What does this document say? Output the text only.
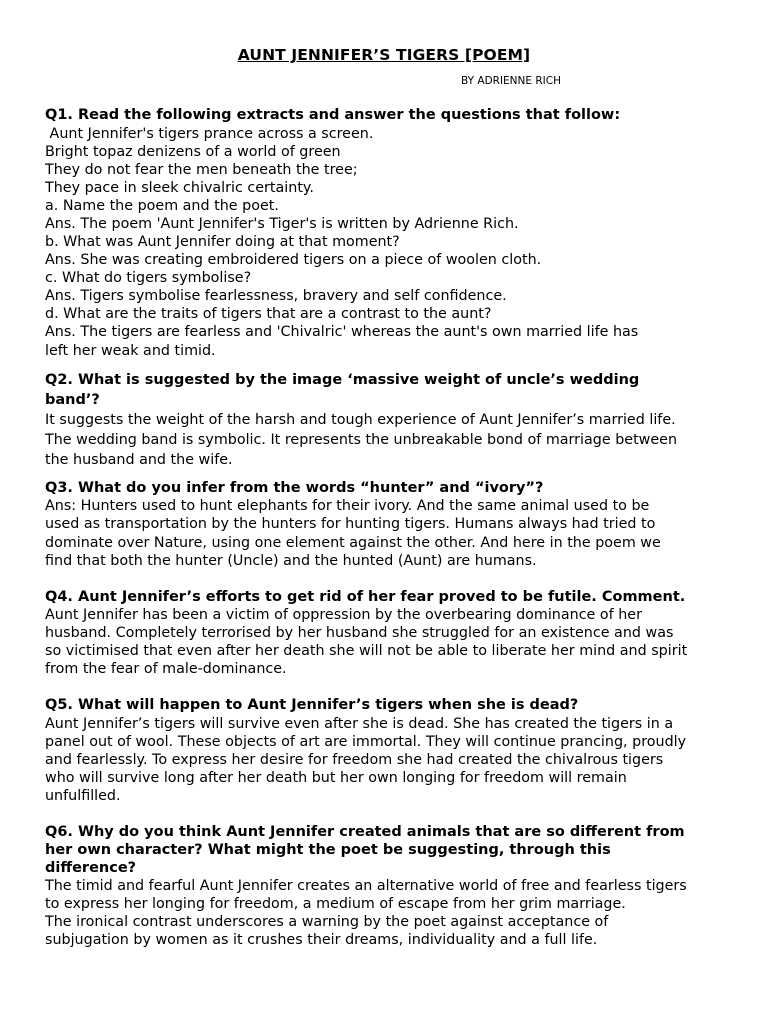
AUNT JENNIFER’S TIGERS [POEM]
BY ADRIENNE RICH
Q1. Read the following extracts and answer the questions that follow:
Aunt Jennifer's tigers prance across a screen.
Bright topaz denizens of a world of green
They do not fear the men beneath the tree;
They pace in sleek chivalric certainty.
a. Name the poem and the poet.
Ans. The poem 'Aunt Jennifer's Tiger's is written by Adrienne Rich.
b. What was Aunt Jennifer doing at that moment?
Ans. She was creating embroidered tigers on a piece of woolen cloth.
c. What do tigers symbolise?
Ans. Tigers symbolise fearlessness, bravery and self confidence.
d. What are the traits of tigers that are a contrast to the aunt?
Ans. The tigers are fearless and 'Chivalric' whereas the aunt's own married life has
left her weak and timid.
Q2. What is suggested by the image ‘massive weight of uncle’s wedding
band’?
It suggests the weight of the harsh and tough experience of Aunt Jennifer’s married life.
The wedding band is symbolic. It represents the unbreakable bond of marriage between
the husband and the wife.
Q3. What do you infer from the words “hunter” and “ivory”?
Ans: Hunters used to hunt elephants for their ivory. And the same animal used to be
used as transportation by the hunters for hunting tigers. Humans always had tried to
dominate over Nature, using one element against the other. And here in the poem we
find that both the hunter (Uncle) and the hunted (Aunt) are humans.
Q4. Aunt Jennifer’s efforts to get rid of her fear proved to be futile. Comment.
Aunt Jennifer has been a victim of oppression by the overbearing dominance of her
husband. Completely terrorised by her husband she struggled for an existence and was
so victimised that even after her death she will not be able to liberate her mind and spirit
from the fear of male-dominance.
Q5. What will happen to Aunt Jennifer’s tigers when she is dead?
Aunt Jennifer’s tigers will survive even after she is dead. She has created the tigers in a
panel out of wool. These objects of art are immortal. They will continue prancing, proudly
and fearlessly. To express her desire for freedom she had created the chivalrous tigers
who will survive long after her death but her own longing for freedom will remain
unfulfilled.
Q6. Why do you think Aunt Jennifer created animals that are so different from
her own character? What might the poet be suggesting, through this
difference?
The timid and fearful Aunt Jennifer creates an alternative world of free and fearless tigers
to express her longing for freedom, a medium of escape from her grim marriage.
The ironical contrast underscores a warning by the poet against acceptance of
subjugation by women as it crushes their dreams, individuality and a full life.
